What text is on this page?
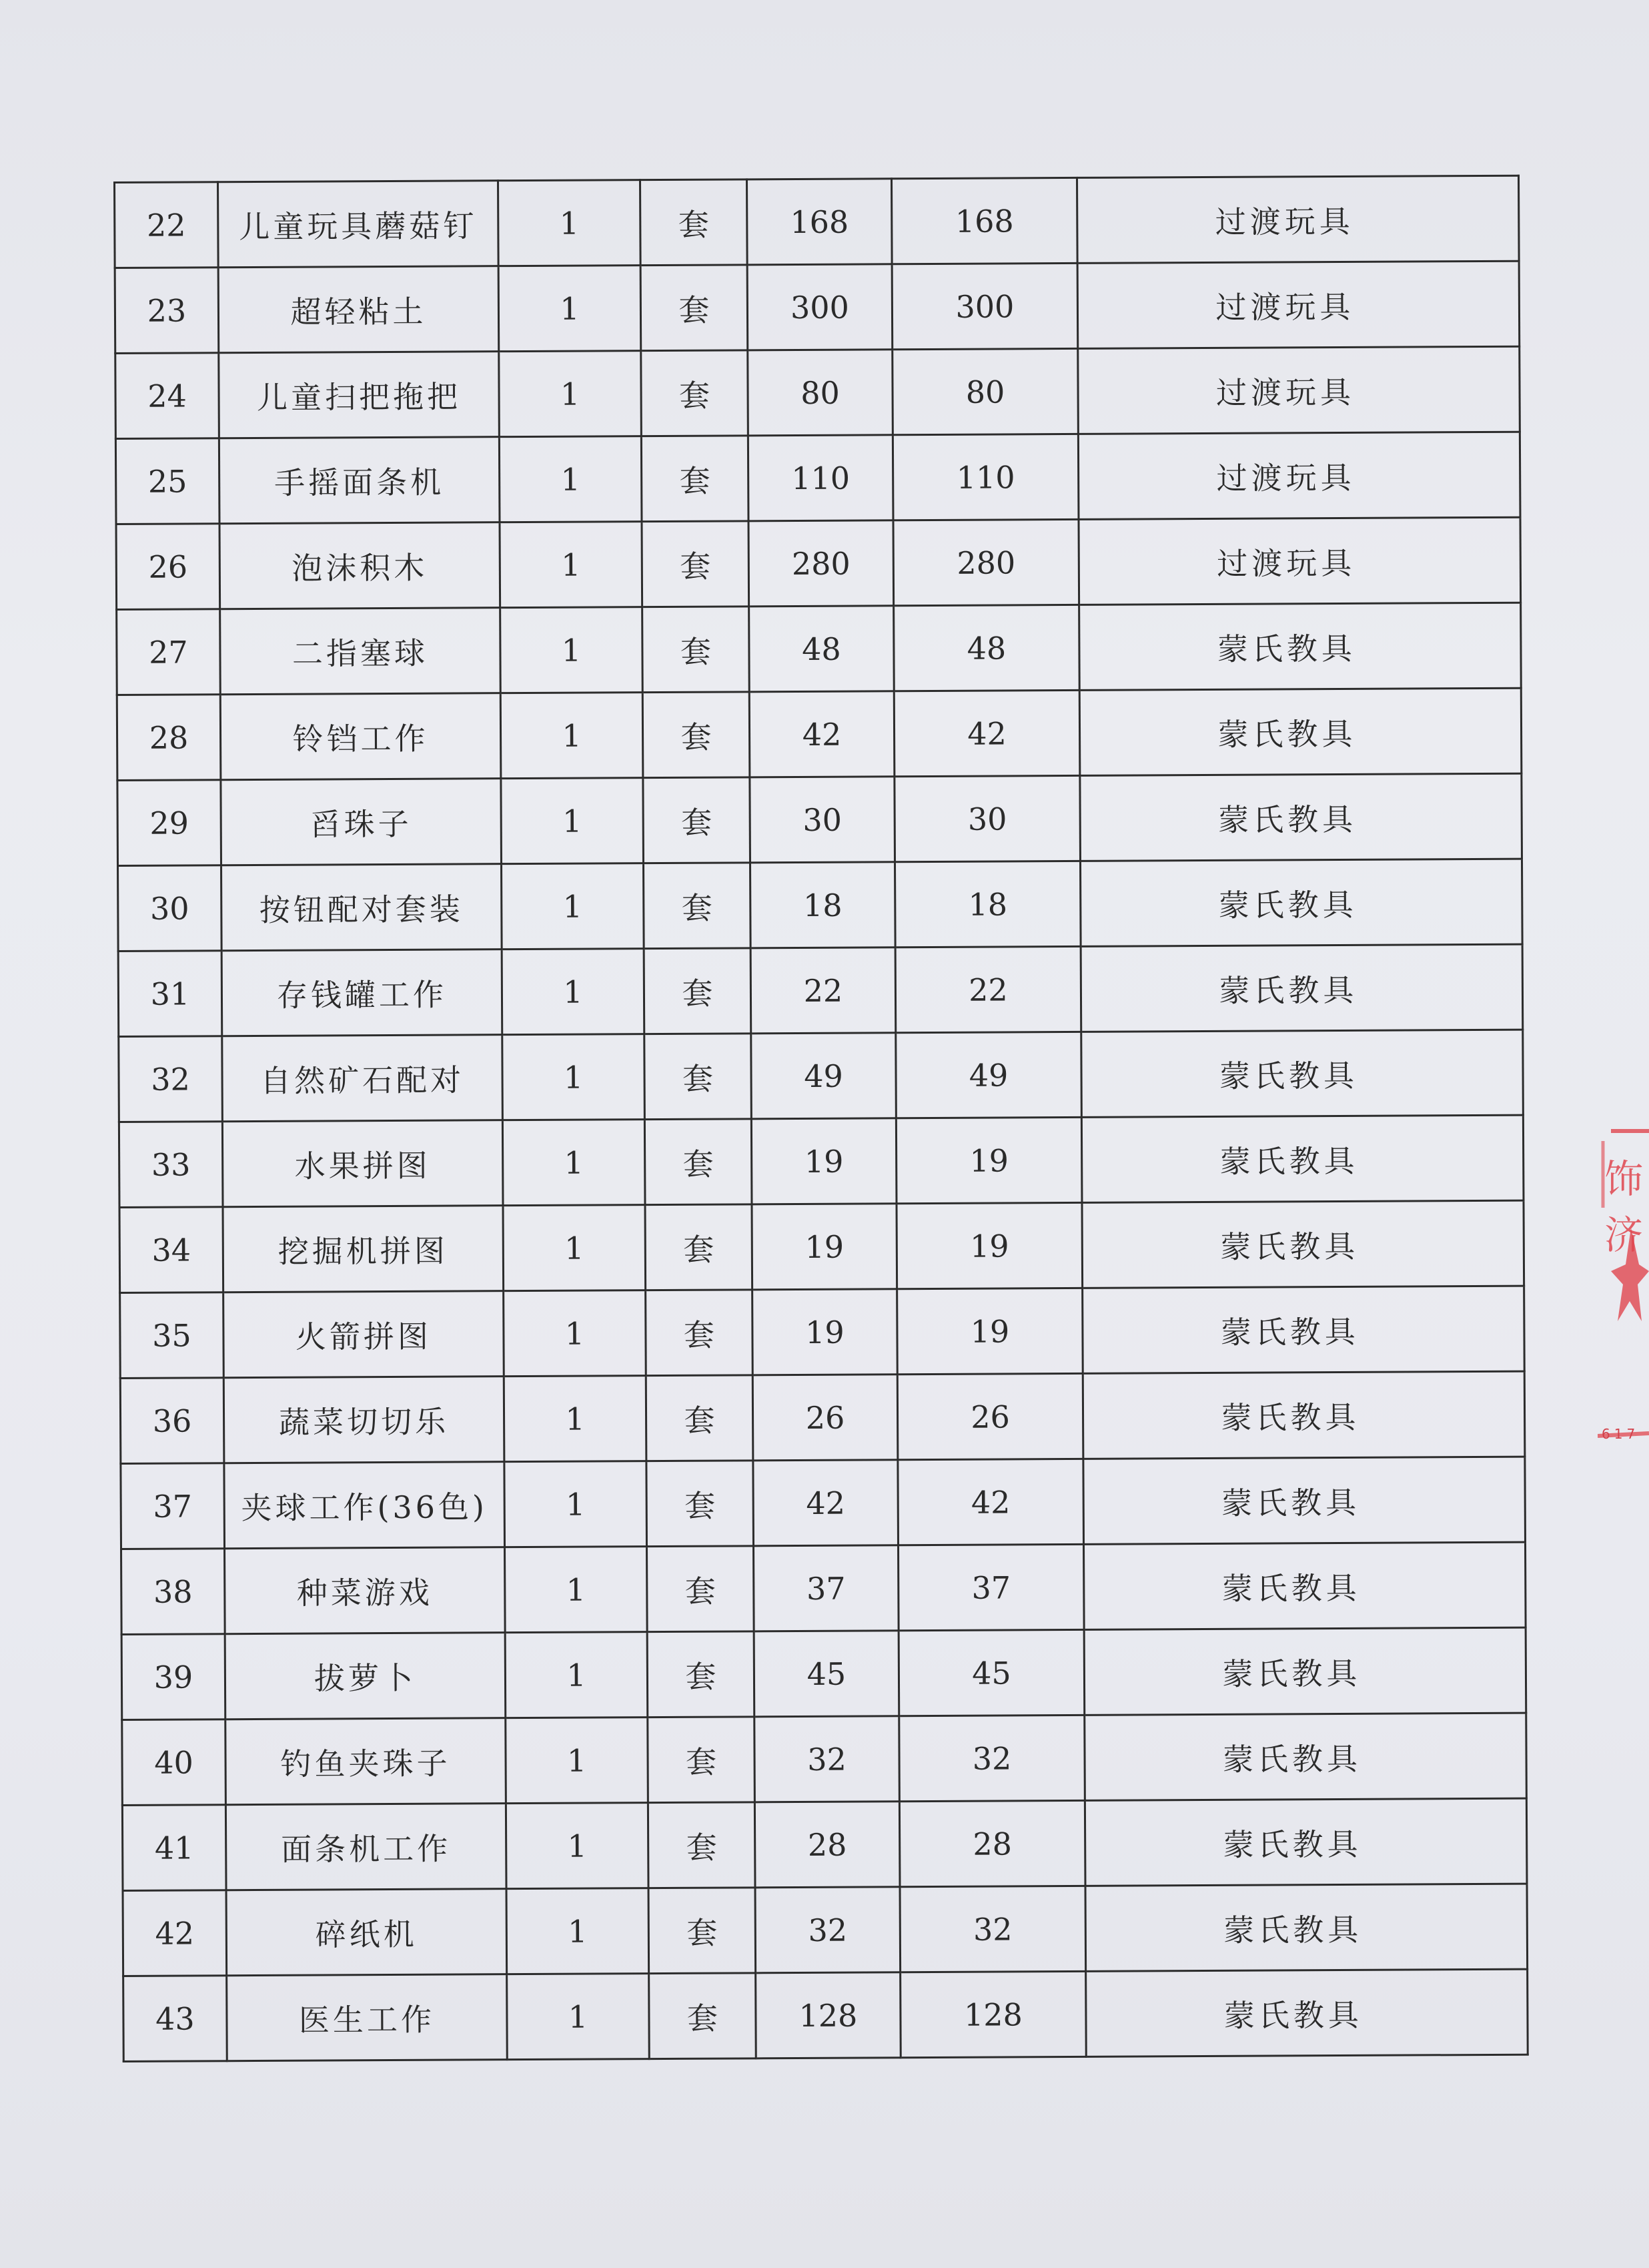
22	儿童玩具蘑菇钉	1	套	168	168	过渡玩具
23	超轻粘土	1	套	300	300	过渡玩具
24	儿童扫把拖把	1	套	80	80	过渡玩具
25	手摇面条机	1	套	110	110	过渡玩具
26	泡沫积木	1	套	280	280	过渡玩具
27	二指塞球	1	套	48	48	蒙氏教具
28	铃铛工作	1	套	42	42	蒙氏教具
29	舀珠子	1	套	30	30	蒙氏教具
30	按钮配对套装	1	套	18	18	蒙氏教具
31	存钱罐工作	1	套	22	22	蒙氏教具
32	自然矿石配对	1	套	49	49	蒙氏教具
33	水果拼图	1	套	19	19	蒙氏教具
34	挖掘机拼图	1	套	19	19	蒙氏教具
35	火箭拼图	1	套	19	19	蒙氏教具
36	蔬菜切切乐	1	套	26	26	蒙氏教具
37	夹球工作(36色)	1	套	42	42	蒙氏教具
38	种菜游戏	1	套	37	37	蒙氏教具
39	拔萝卜	1	套	45	45	蒙氏教具
40	钓鱼夹珠子	1	套	32	32	蒙氏教具
41	面条机工作	1	套	28	28	蒙氏教具
42	碎纸机	1	套	32	32	蒙氏教具
43	医生工作	1	套	128	128	蒙氏教具
饰济
617
